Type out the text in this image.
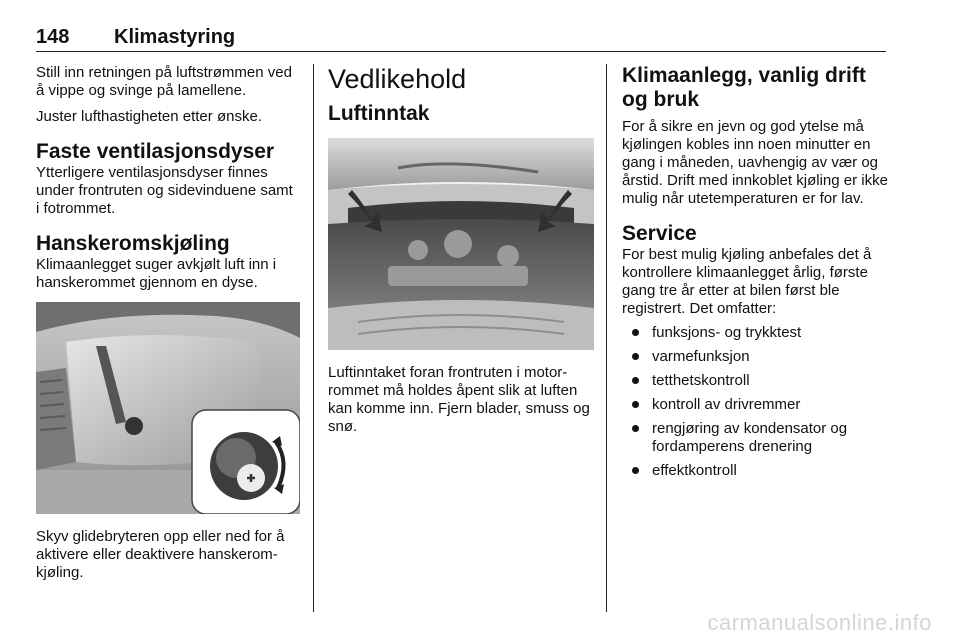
148 Klimastyring

Still inn retningen på luftstrømmen ved å vippe og svinge på lamellene.

Juster lufthastigheten etter ønske.

Faste ventilasjonsdyser

Ytterligere ventilasjonsdyser finnes under frontruten og sidevinduene samt i fotrommet.

Hanskeromskjøling

Klimaanlegget suger avkjølt luft inn i hanskerommet gjennom en dyse.

Skyv glidebryteren opp eller ned for å aktivere eller deaktivere hanskerom-kjøling.

Vedlikehold
Luftinntak

Luftinntaket foran frontruten i motor-rommet må holdes åpent slik at luften kan komme inn. Fjern blader, smuss og snø.

Klimaanlegg, vanlig drift og bruk

For å sikre en jevn og god ytelse må kjølingen kobles inn noen minutter en gang i måneden, uavhengig av vær og årstid. Drift med innkoblet kjøling er ikke mulig når utetemperaturen er for lav.

Service

For best mulig kjøling anbefales det å kontrollere klimaanlegget årlig, første gang tre år etter at bilen først ble registrert. Det omfatter:

funksjons- og trykktest
varmefunksjon
tetthetskontroll
kontroll av drivremmer
rengjøring av kondensator og fordamperens drenering
effektkontroll
carmanualsonline.info
